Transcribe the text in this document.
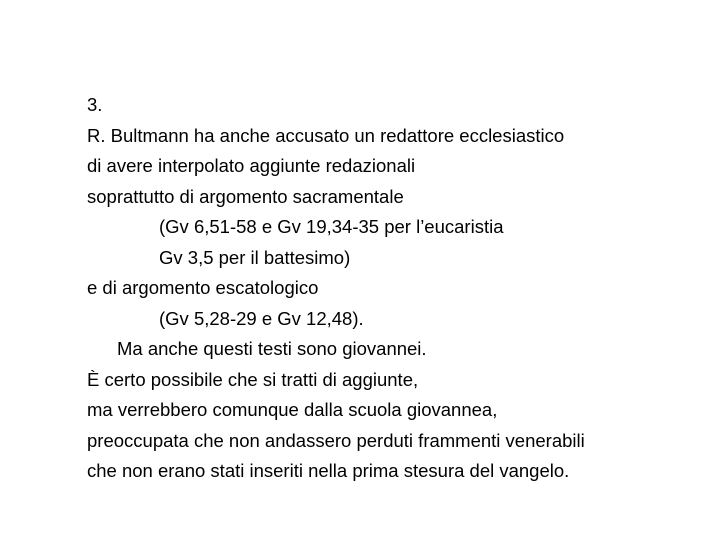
3.
R. Bultmann ha anche accusato un redattore ecclesiastico
di avere interpolato aggiunte redazionali
soprattutto di argomento sacramentale
(Gv 6,51‑58 e Gv 19,34‑35 per l’eucaristia
Gv 3,5 per il battesimo)
e di argomento escatologico
(Gv 5,28‑29 e Gv 12,48).
Ma anche questi testi sono giovannei.
È certo possibile che si tratti di aggiunte,
ma verrebbero comunque dalla scuola giovannea,
preoccupata che non andassero perduti frammenti venerabili
che non erano stati inseriti nella prima stesura del vangelo.
